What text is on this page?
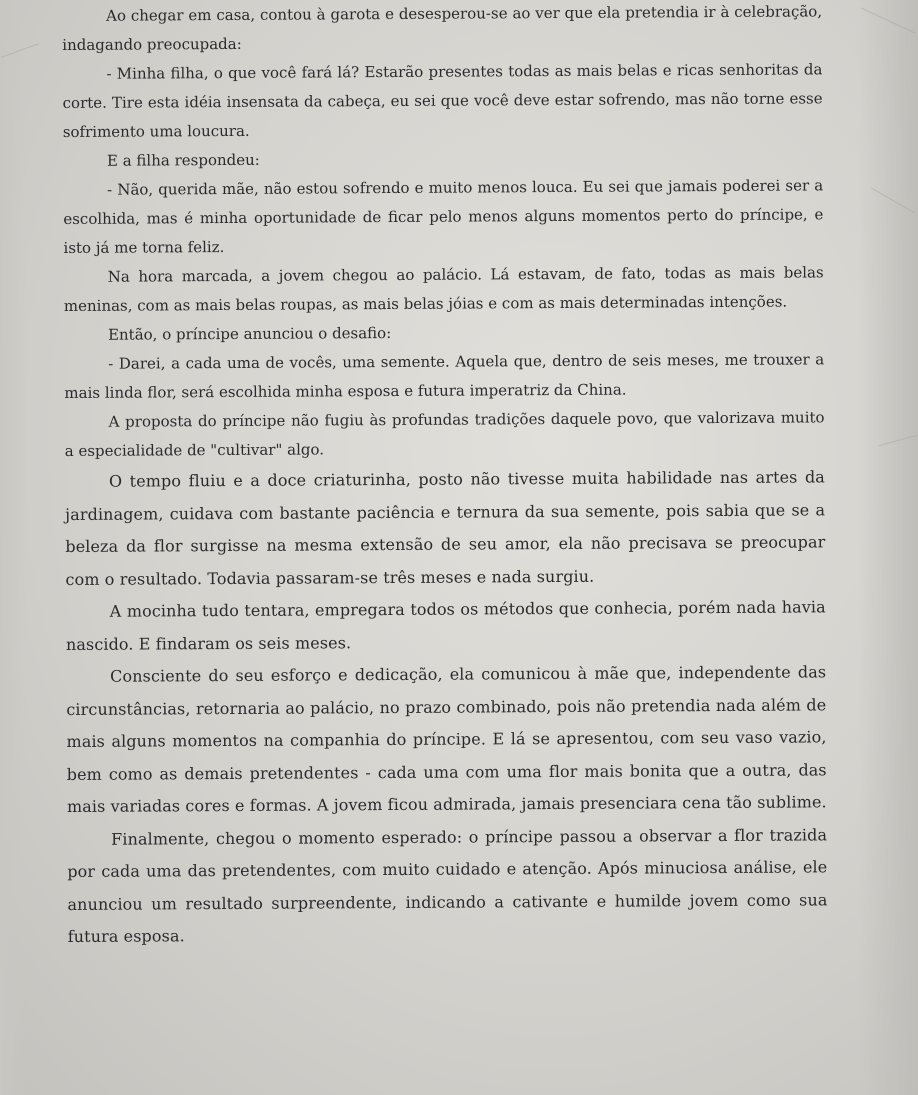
Ao chegar em casa, contou à garota e desesperou-se ao ver que ela pretendia ir à celebração, indagando preocupada:

- Minha filha, o que você fará lá? Estarão presentes todas as mais belas e ricas senhoritas da corte. Tire esta idéia insensata da cabeça, eu sei que você deve estar sofrendo, mas não torne esse sofrimento uma loucura.

E a filha respondeu:

- Não, querida mãe, não estou sofrendo e muito menos louca. Eu sei que jamais poderei ser a escolhida, mas é minha oportunidade de ficar pelo menos alguns momentos perto do príncipe, e isto já me torna feliz.

Na hora marcada, a jovem chegou ao palácio. Lá estavam, de fato, todas as mais belas meninas, com as mais belas roupas, as mais belas jóias e com as mais determinadas intenções.

Então, o príncipe anunciou o desafio:

- Darei, a cada uma de vocês, uma semente. Aquela que, dentro de seis meses, me trouxer a mais linda flor, será escolhida minha esposa e futura imperatriz da China.

A proposta do príncipe não fugiu às profundas tradições daquele povo, que valorizava muito a especialidade de "cultivar" algo.

O tempo fluiu e a doce criaturinha, posto não tivesse muita habilidade nas artes da jardinagem, cuidava com bastante paciência e ternura da sua semente, pois sabia que se a beleza da flor surgisse na mesma extensão de seu amor, ela não precisava se preocupar com o resultado. Todavia passaram-se três meses e nada surgiu.

A mocinha tudo tentara, empregara todos os métodos que conhecia, porém nada havia nascido. E findaram os seis meses.

Consciente do seu esforço e dedicação, ela comunicou à mãe que, independente das circunstâncias, retornaria ao palácio, no prazo combinado, pois não pretendia nada além de mais alguns momentos na companhia do príncipe. E lá se apresentou, com seu vaso vazio, bem como as demais pretendentes - cada uma com uma flor mais bonita que a outra, das mais variadas cores e formas. A jovem ficou admirada, jamais presenciara cena tão sublime.

Finalmente, chegou o momento esperado: o príncipe passou a observar a flor trazida por cada uma das pretendentes, com muito cuidado e atenção. Após minuciosa análise, ele anunciou um resultado surpreendente, indicando a cativante e humilde jovem como sua futura esposa.
